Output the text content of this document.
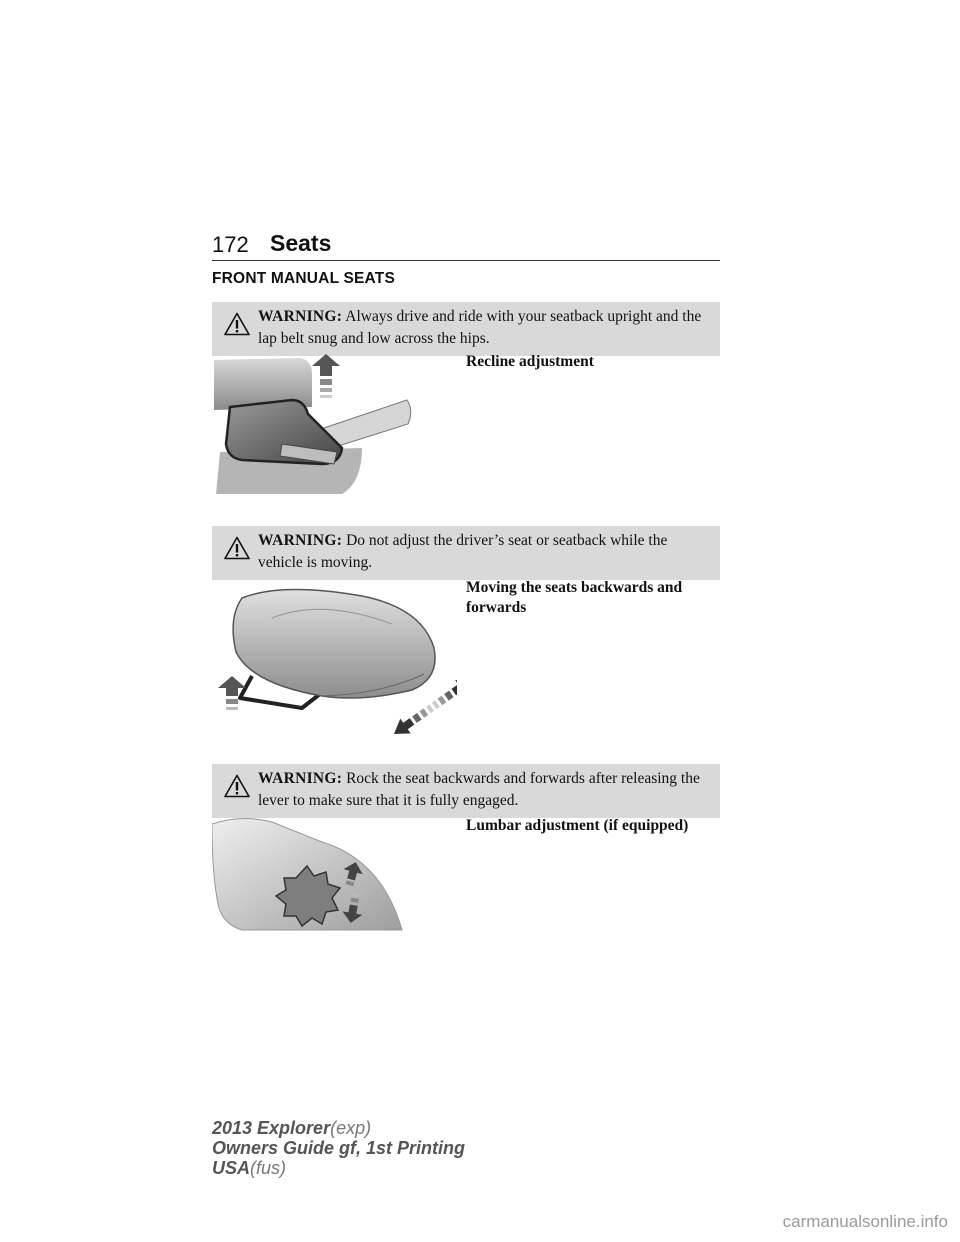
172 Seats
FRONT MANUAL SEATS
WARNING: Always drive and ride with your seatback upright and the lap belt snug and low across the hips.
Recline adjustment
WARNING: Do not adjust the driver’s seat or seatback while the vehicle is moving.
Moving the seats backwards and forwards
WARNING: Rock the seat backwards and forwards after releasing the lever to make sure that it is fully engaged.
Lumbar adjustment (if equipped)
2013 Explorer(exp)
Owners Guide gf, 1st Printing
USA(fus)
carmanualsonline.info
